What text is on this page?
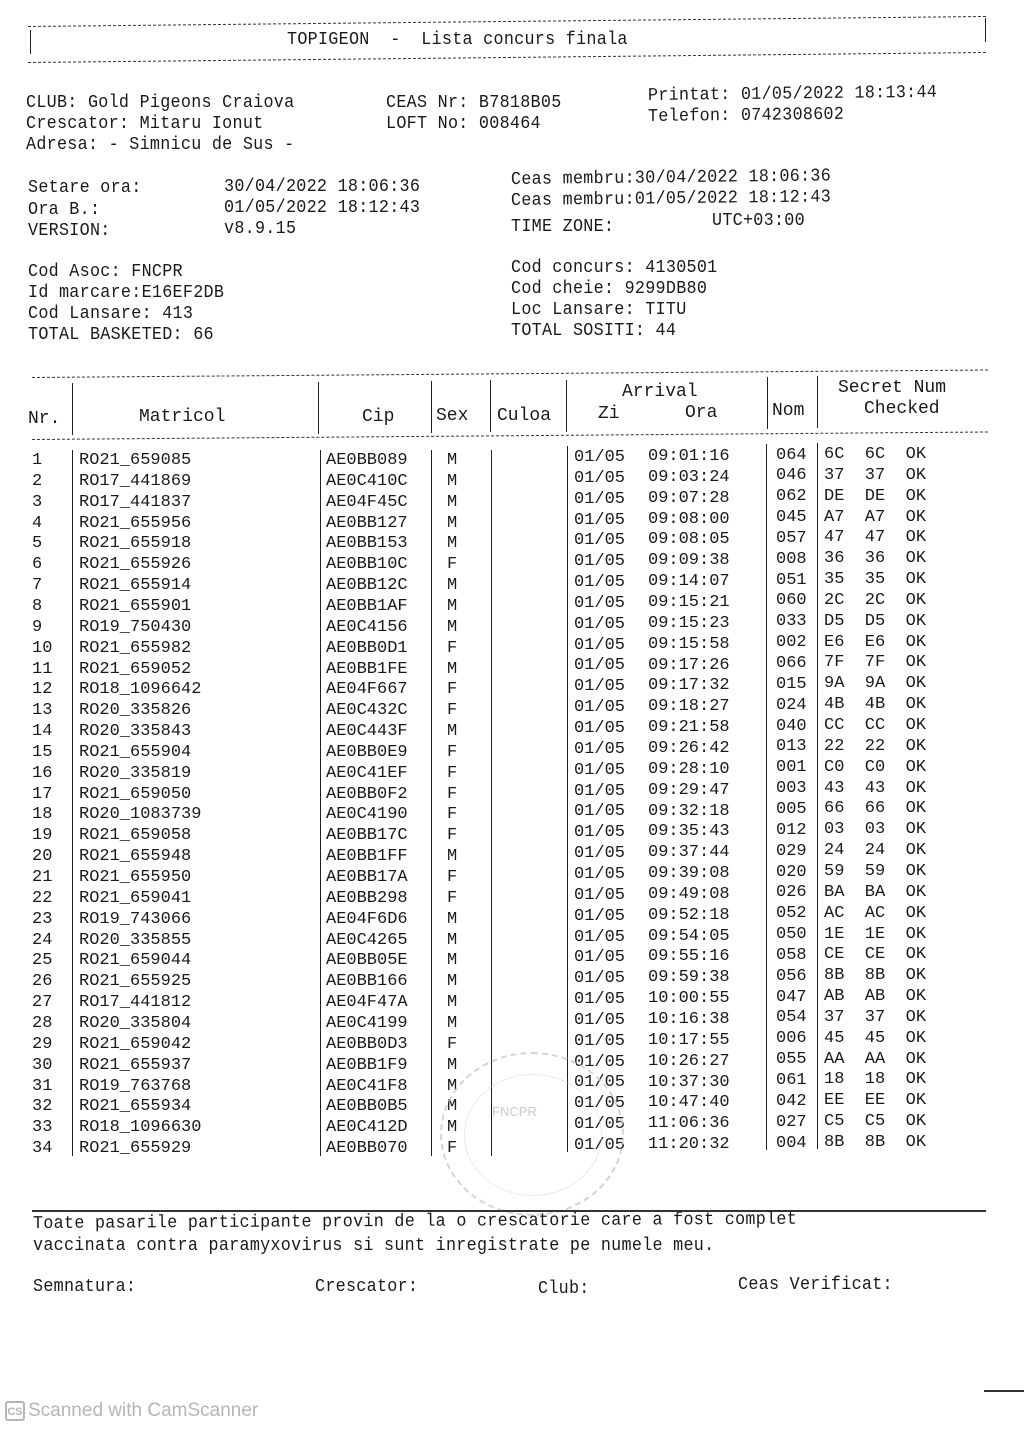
TOPIGEON  -  Lista concurs finala
CLUB: Gold Pigeons Craiova
Crescator: Mitaru Ionut
Adresa: - Simnicu de Sus -
CEAS Nr: B7818B05
LOFT No: 008464
Printat: 01/05/2022 18:13:44
Telefon: 0742308602
Setare ora:	30/04/2022 18:06:36
Ora B.:	01/05/2022 18:12:43
VERSION:	v8.9.15
Ceas membru:30/04/2022 18:06:36
Ceas membru:01/05/2022 18:12:43
TIME ZONE:	UTC+03:00
Cod Asoc: FNCPR
Id marcare:E16EF2DB
Cod Lansare: 413
TOTAL BASKETED: 66
Cod concurs: 4130501
Cod cheie: 9299DB80
Loc Lansare: TITU
TOTAL SOSITI: 44
Nr.	Matricol	Cip Sex Culoa
Arrival
Zi	Ora	Nom
Secret Num
Checked
1 RO21_659085	AE0BB089 M	01/05 09:01:16	064 6C  6C  OK
2 RO17_441869	AE0C410C M	01/05 09:03:24	046 37  37  OK
3 RO17_441837	AE04F45C M	01/05 09:07:28	062 DE  DE  OK
4 RO21_655956	AE0BB127 M	01/05 09:08:00	045 A7  A7  OK
5 RO21_655918	AE0BB153 M	01/05 09:08:05	057 47  47  OK
6 RO21_655926	AE0BB10C F	01/05 09:09:38	008 36  36  OK
7 RO21_655914	AE0BB12C M	01/05 09:14:07	051 35  35  OK
8 RO21_655901	AE0BB1AF M	01/05 09:15:21	060 2C  2C  OK
9 RO19_750430	AE0C4156 M	01/05 09:15:23	033 D5  D5  OK
10 RO21_655982	AE0BB0D1 F	01/05 09:15:58	002 E6  E6  OK
11 RO21_659052	AE0BB1FE M	01/05 09:17:26	066 7F  7F  OK
12 RO18_1096642	AE04F667 F	01/05 09:17:32	015 9A  9A  OK
13 RO20_335826	AE0C432C F	01/05 09:18:27	024 4B  4B  OK
14 RO20_335843	AE0C443F M	01/05 09:21:58	040 CC  CC  OK
15 RO21_655904	AE0BB0E9 F	01/05 09:26:42	013 22  22  OK
16 RO20_335819	AE0C41EF F	01/05 09:28:10	001 C0  C0  OK
17 RO21_659050	AE0BB0F2 F	01/05 09:29:47	003 43  43  OK
18 RO20_1083739	AE0C4190 F	01/05 09:32:18	005 66  66  OK
19 RO21_659058	AE0BB17C F	01/05 09:35:43	012 03  03  OK
20 RO21_655948	AE0BB1FF M	01/05 09:37:44	029 24  24  OK
21 RO21_655950	AE0BB17A F	01/05 09:39:08	020 59  59  OK
22 RO21_659041	AE0BB298 F	01/05 09:49:08	026 BA  BA  OK
23 RO19_743066	AE04F6D6 M	01/05 09:52:18	052 AC  AC  OK
24 RO20_335855	AE0C4265 M	01/05 09:54:05	050 1E  1E  OK
25 RO21_659044	AE0BB05E M	01/05 09:55:16	058 CE  CE  OK
26 RO21_655925	AE0BB166 M	01/05 09:59:38	056 8B  8B  OK
27 RO17_441812	AE04F47A M	01/05 10:00:55	047 AB  AB  OK
28 RO20_335804	AE0C4199 M	01/05 10:16:38	054 37  37  OK
29 RO21_659042	AE0BB0D3 F	01/05 10:17:55	006 45  45  OK
30 RO21_655937	AE0BB1F9 M	01/05 10:26:27	055 AA  AA  OK
31 RO19_763768	AE0C41F8 M	01/05 10:37:30	061 18  18  OK
32 RO21_655934	AE0BB0B5 M	01/05 10:47:40	042 EE  EE  OK
33 RO18_1096630	AE0C412D M	01/05 11:06:36	027 C5  C5  OK
34 RO21_655929	AE0BB070 F	01/05 11:20:32	004 8B  8B  OK
FNCPR
Toate pasarile participante provin de la o crescatorie care a fost complet
vaccinata contra paramyxovirus si sunt inregistrate pe numele meu.
Semnatura:	Crescator:	Club:	Ceas Verificat:
CS Scanned with CamScanner
